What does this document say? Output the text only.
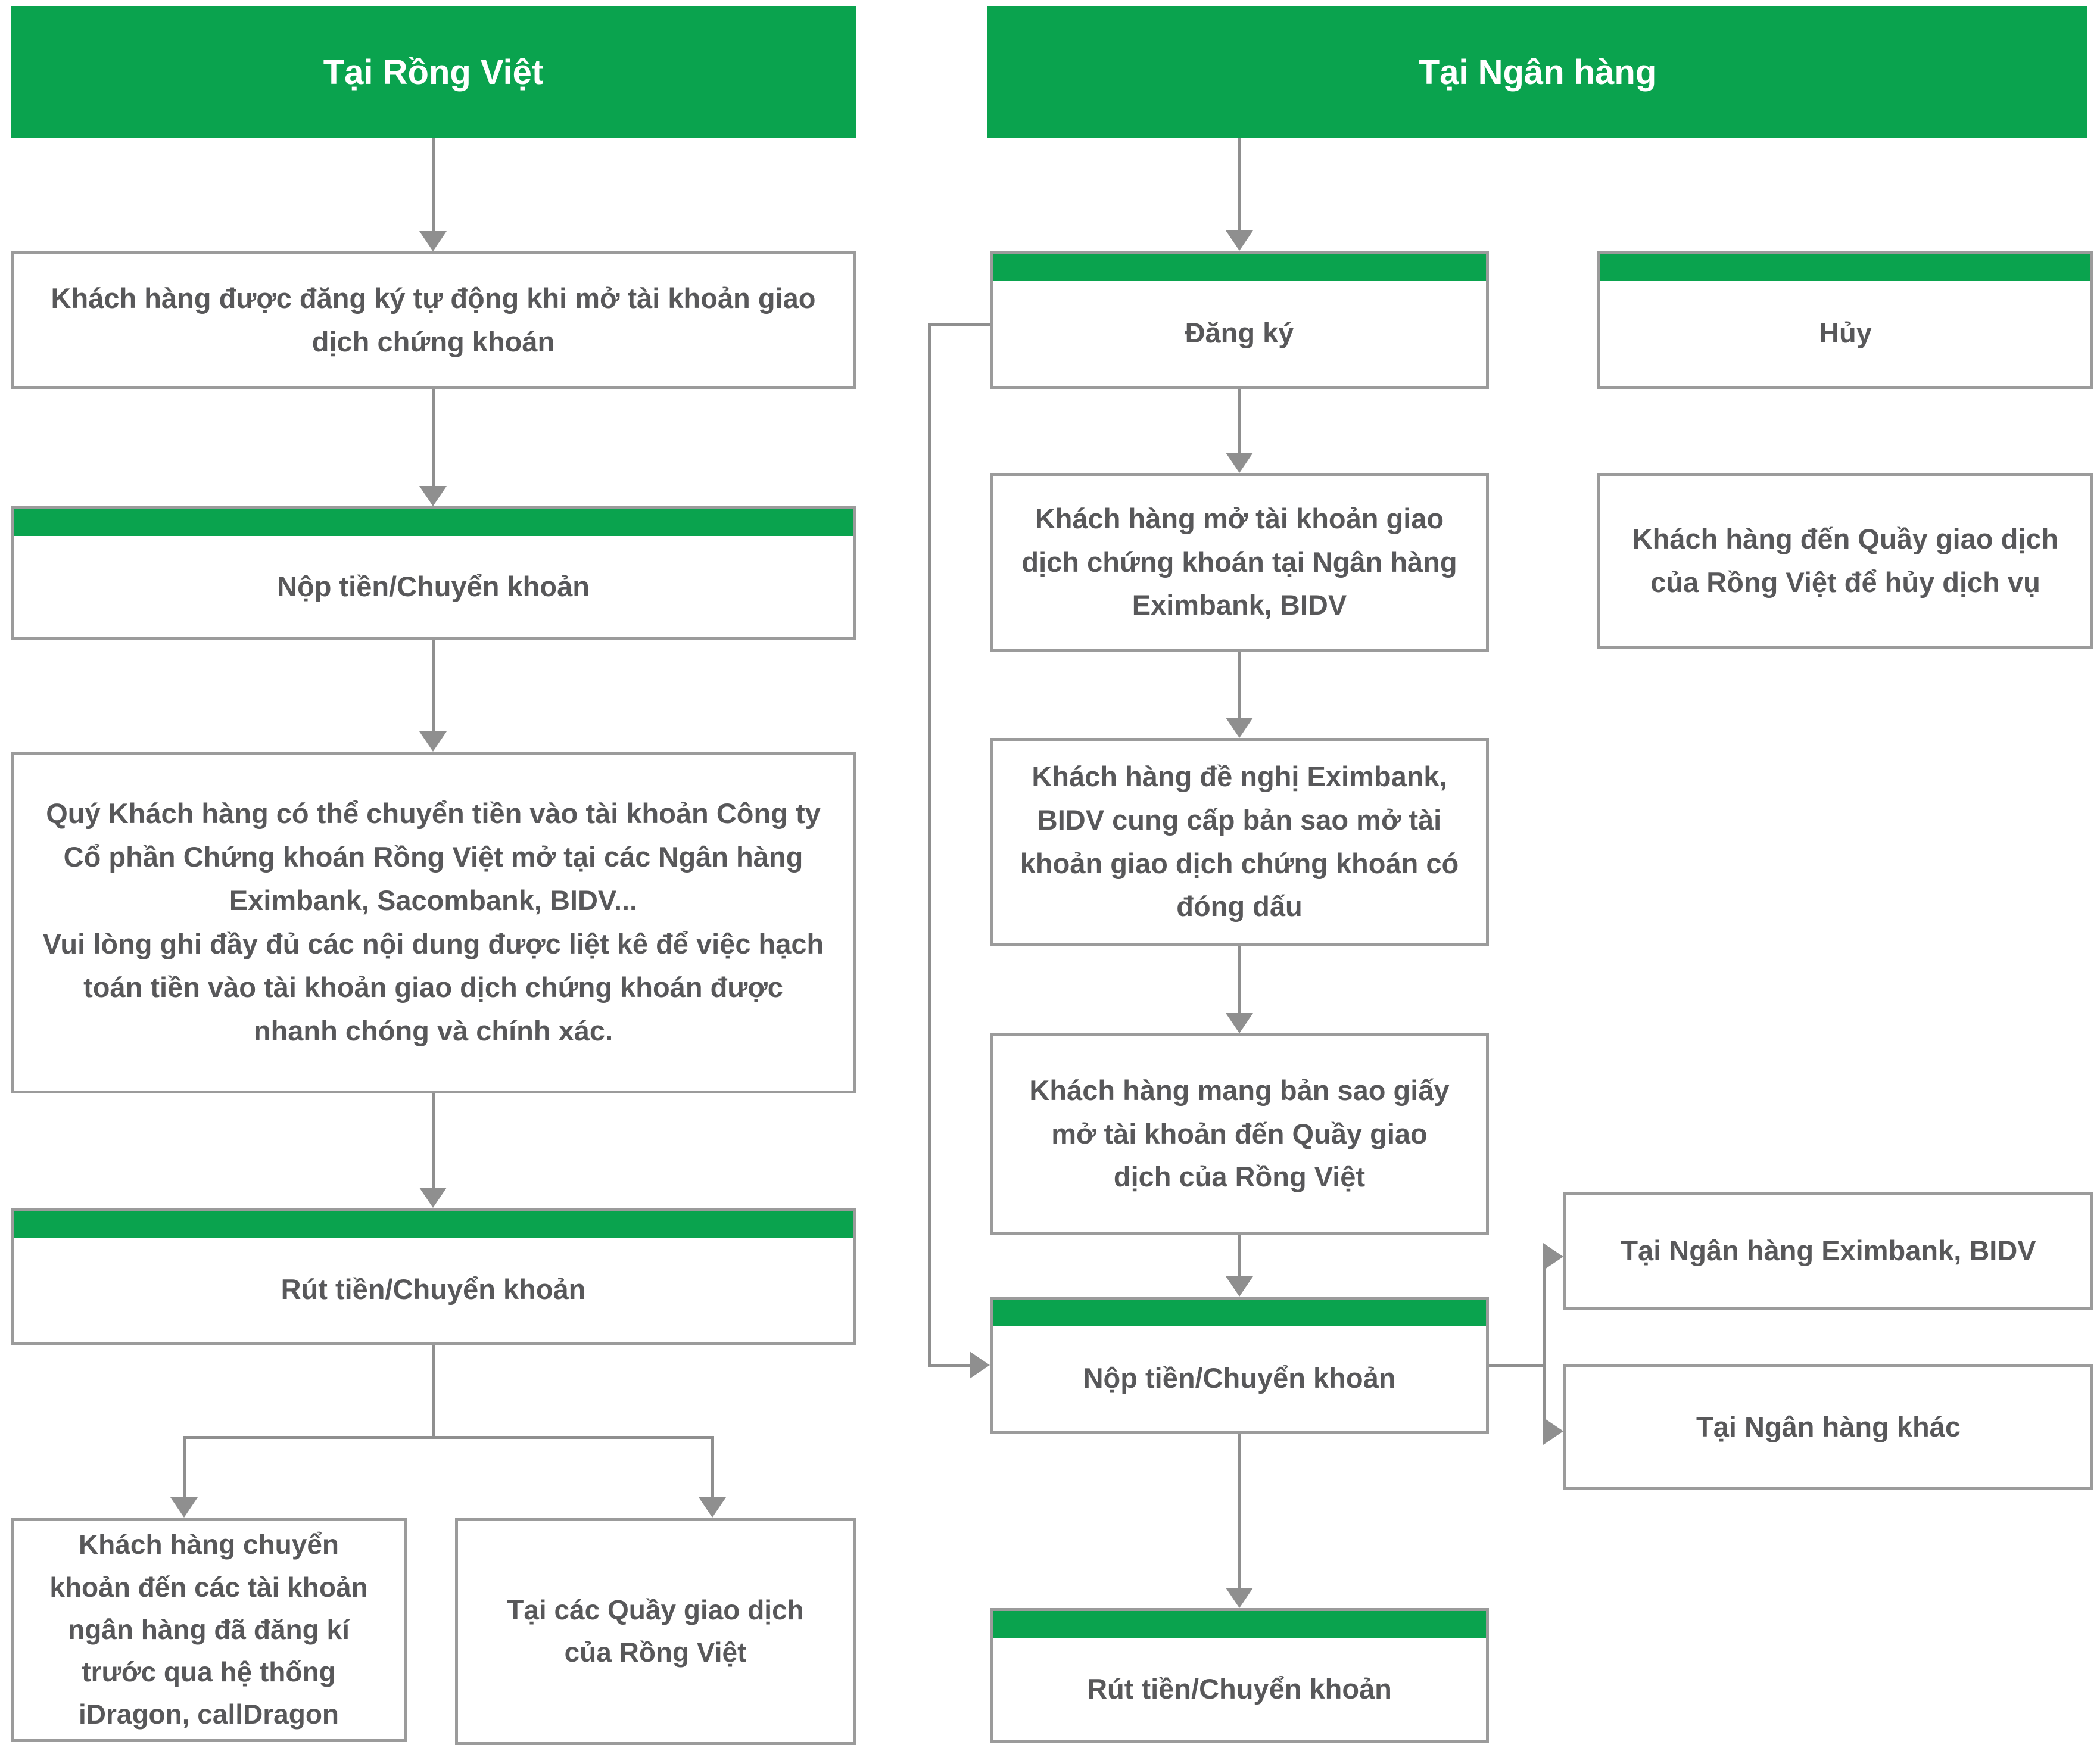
Tại Rồng Việt
Khách hàng được đăng ký tự động khi mở tài khoản giao dịch chứng khoán
Nộp tiền/Chuyển khoản
Quý Khách hàng có thể chuyển tiền vào tài khoản Công ty Cổ phần Chứng khoán Rồng Việt mở tại các Ngân hàng Eximbank, Sacombank, BIDV...
Vui lòng ghi đầy đủ các nội dung được liệt kê để việc hạch toán tiền vào tài khoản giao dịch chứng khoán được nhanh chóng và chính xác.
Rút tiền/Chuyển khoản
Khách hàng chuyển khoản đến các tài khoản ngân hàng đã đăng kí trước qua hệ thống iDragon, callDragon
Tại các Quầy giao dịch của Rồng Việt
Tại Ngân hàng
Đăng ký	Hủy
Khách hàng mở tài khoản giao dịch chứng khoán tại Ngân hàng Eximbank, BIDV
Khách hàng đến Quầy giao dịch của Rồng Việt để hủy dịch vụ
Khách hàng đề nghị Eximbank, BIDV cung cấp bản sao mở tài khoản giao dịch chứng khoán có đóng dấu
Khách hàng mang bản sao giấy mở tài khoản đến Quầy giao dịch của Rồng Việt
Nộp tiền/Chuyển khoản
Tại Ngân hàng Eximbank, BIDV
Tại Ngân hàng khác
Rút tiền/Chuyển khoản
